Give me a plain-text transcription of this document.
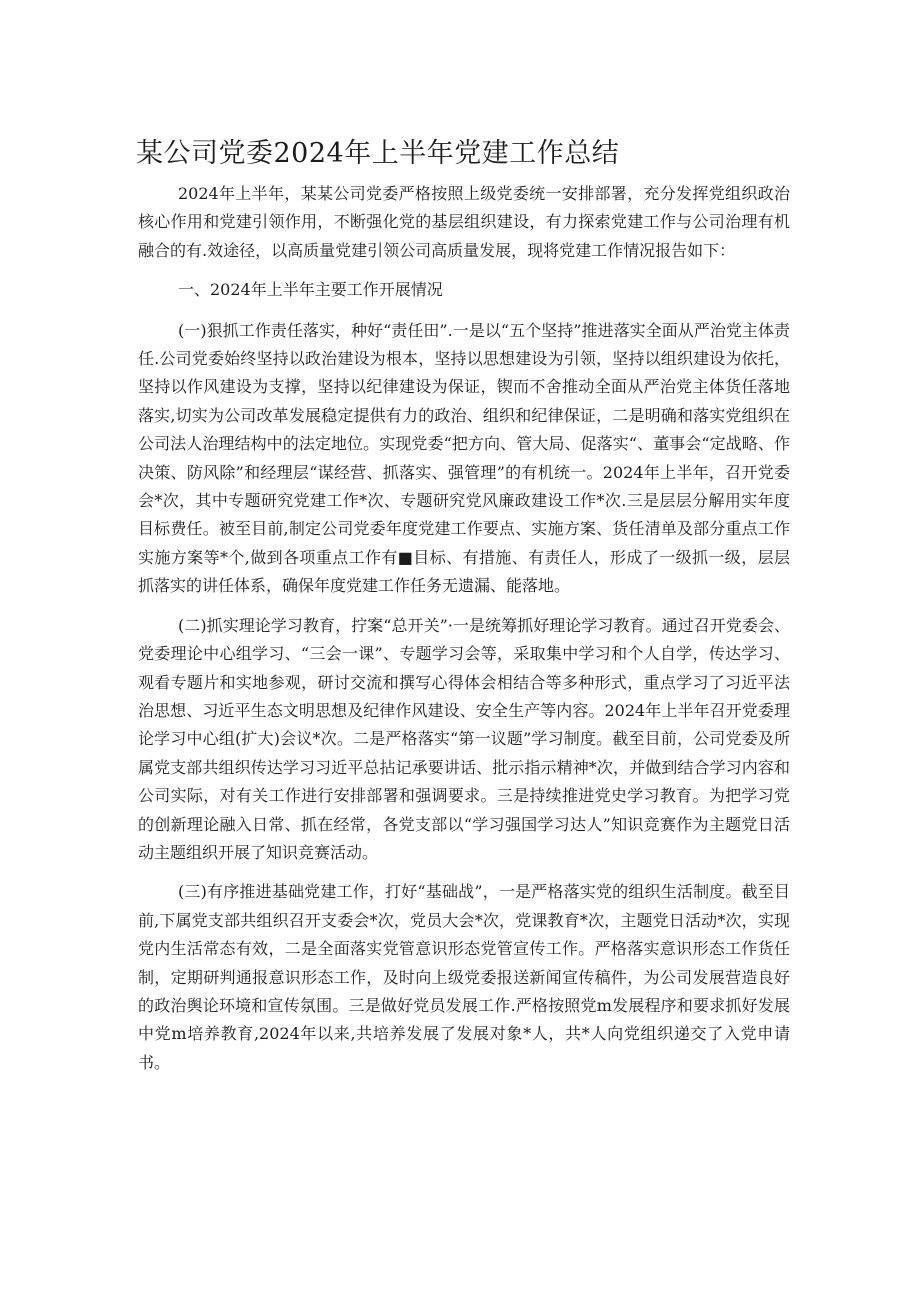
某公司党委2024年上半年党建工作总结

2024年上半年，某某公司党委严格按照上级党委统一安排部署，充分发挥党组织政治核心作用和党建引领作用，不断强化党的基层组织建设，有力探索党建工作与公司治理有机融合的有.效途径，以高质量党建引领公司高质量发展，现将党建工作情况报告如下：

一、2024年上半年主要工作开展情况

(一)狠抓工作责任落实，种好“责任田”.一是以“五个坚持”推进落实全面从严治党主体责任.公司党委始终坚持以政治建设为根本，坚持以思想建设为引领，坚持以组织建设为依托，坚持以作风建设为支撑，坚持以纪律建设为保证，锲而不舍推动全面从严治党主体货任落地落实,切实为公司改革发展稳定提供有力的政治、组织和纪律保证，二是明确和落实党组织在公司法人治理结构中的法定地位。实现党委“把方向、管大局、促落实“、董事会“定战略、作决策、防风除”和经理层“谋经营、抓落实、强管理”的有机统一。2024年上半年，召开党委会*次，其中专题研究党建工作*次、专题研究党风廉政建设工作*次.三是层层分解用实年度目标费任。被至目前,制定公司党委年度党建工作要点、实施方案、货任清单及部分重点工作实施方案等*个,做到各项重点工作有■目标、有措施、有责任人，形成了一级抓一级，层层抓落实的讲任体系，确保年度党建工作任务无遗漏、能落地。

(二)抓实理论学习教育，拧案“总开关”·一是统筹抓好理论学习教育。通过召开党委会、党委理论中心组学习、“三会一课”、专题学习会等，采取集中学习和个人自学，传达学习、观看专题片和实地参观，研讨交流和撰写心得体会相结合等多种形式，重点学习了习近平法治思想、习近平生态文明思想及纪律作风建设、安全生产等内容。2024年上半年召开党委理论学习中心组(扩大)会议*次。二是严格落实“第一议题”学习制度。截至目前，公司党委及所属党支部共组织传达学习习近平总拈记承要讲话、批示指示精神*次，并做到结合学习内容和公司实际，对有关工作进行安排部署和强调要求。三是持续推进党史学习教育。为把学习党的创新理论融入日常、抓在经常，各党支部以“学习强国学习达人”知识竞赛作为主题党日活动主题组织开展了知识竞赛活动。

(三)有序推进基础党建工作，打好“基础战”，一是严格落实党的组织生活制度。截至目前,下属党支部共组织召开支委会*次，党员大会*次，党课教育*次，主题党日活动*次，实现党内生活常态有效，二是全面落实党管意识形态党管宣传工作。严格落实意识形态工作货任制，定期研判通报意识形态工作，及时向上级党委报送新闻宣传稿件，为公司发展营造良好的政治舆论环境和宣传氛围。三是做好党员发展工作.严格按照党m发展程序和要求抓好发展中党m培养教育,2024年以来,共培养发展了发展对象*人，共*人向党组织递交了入党申请书。
